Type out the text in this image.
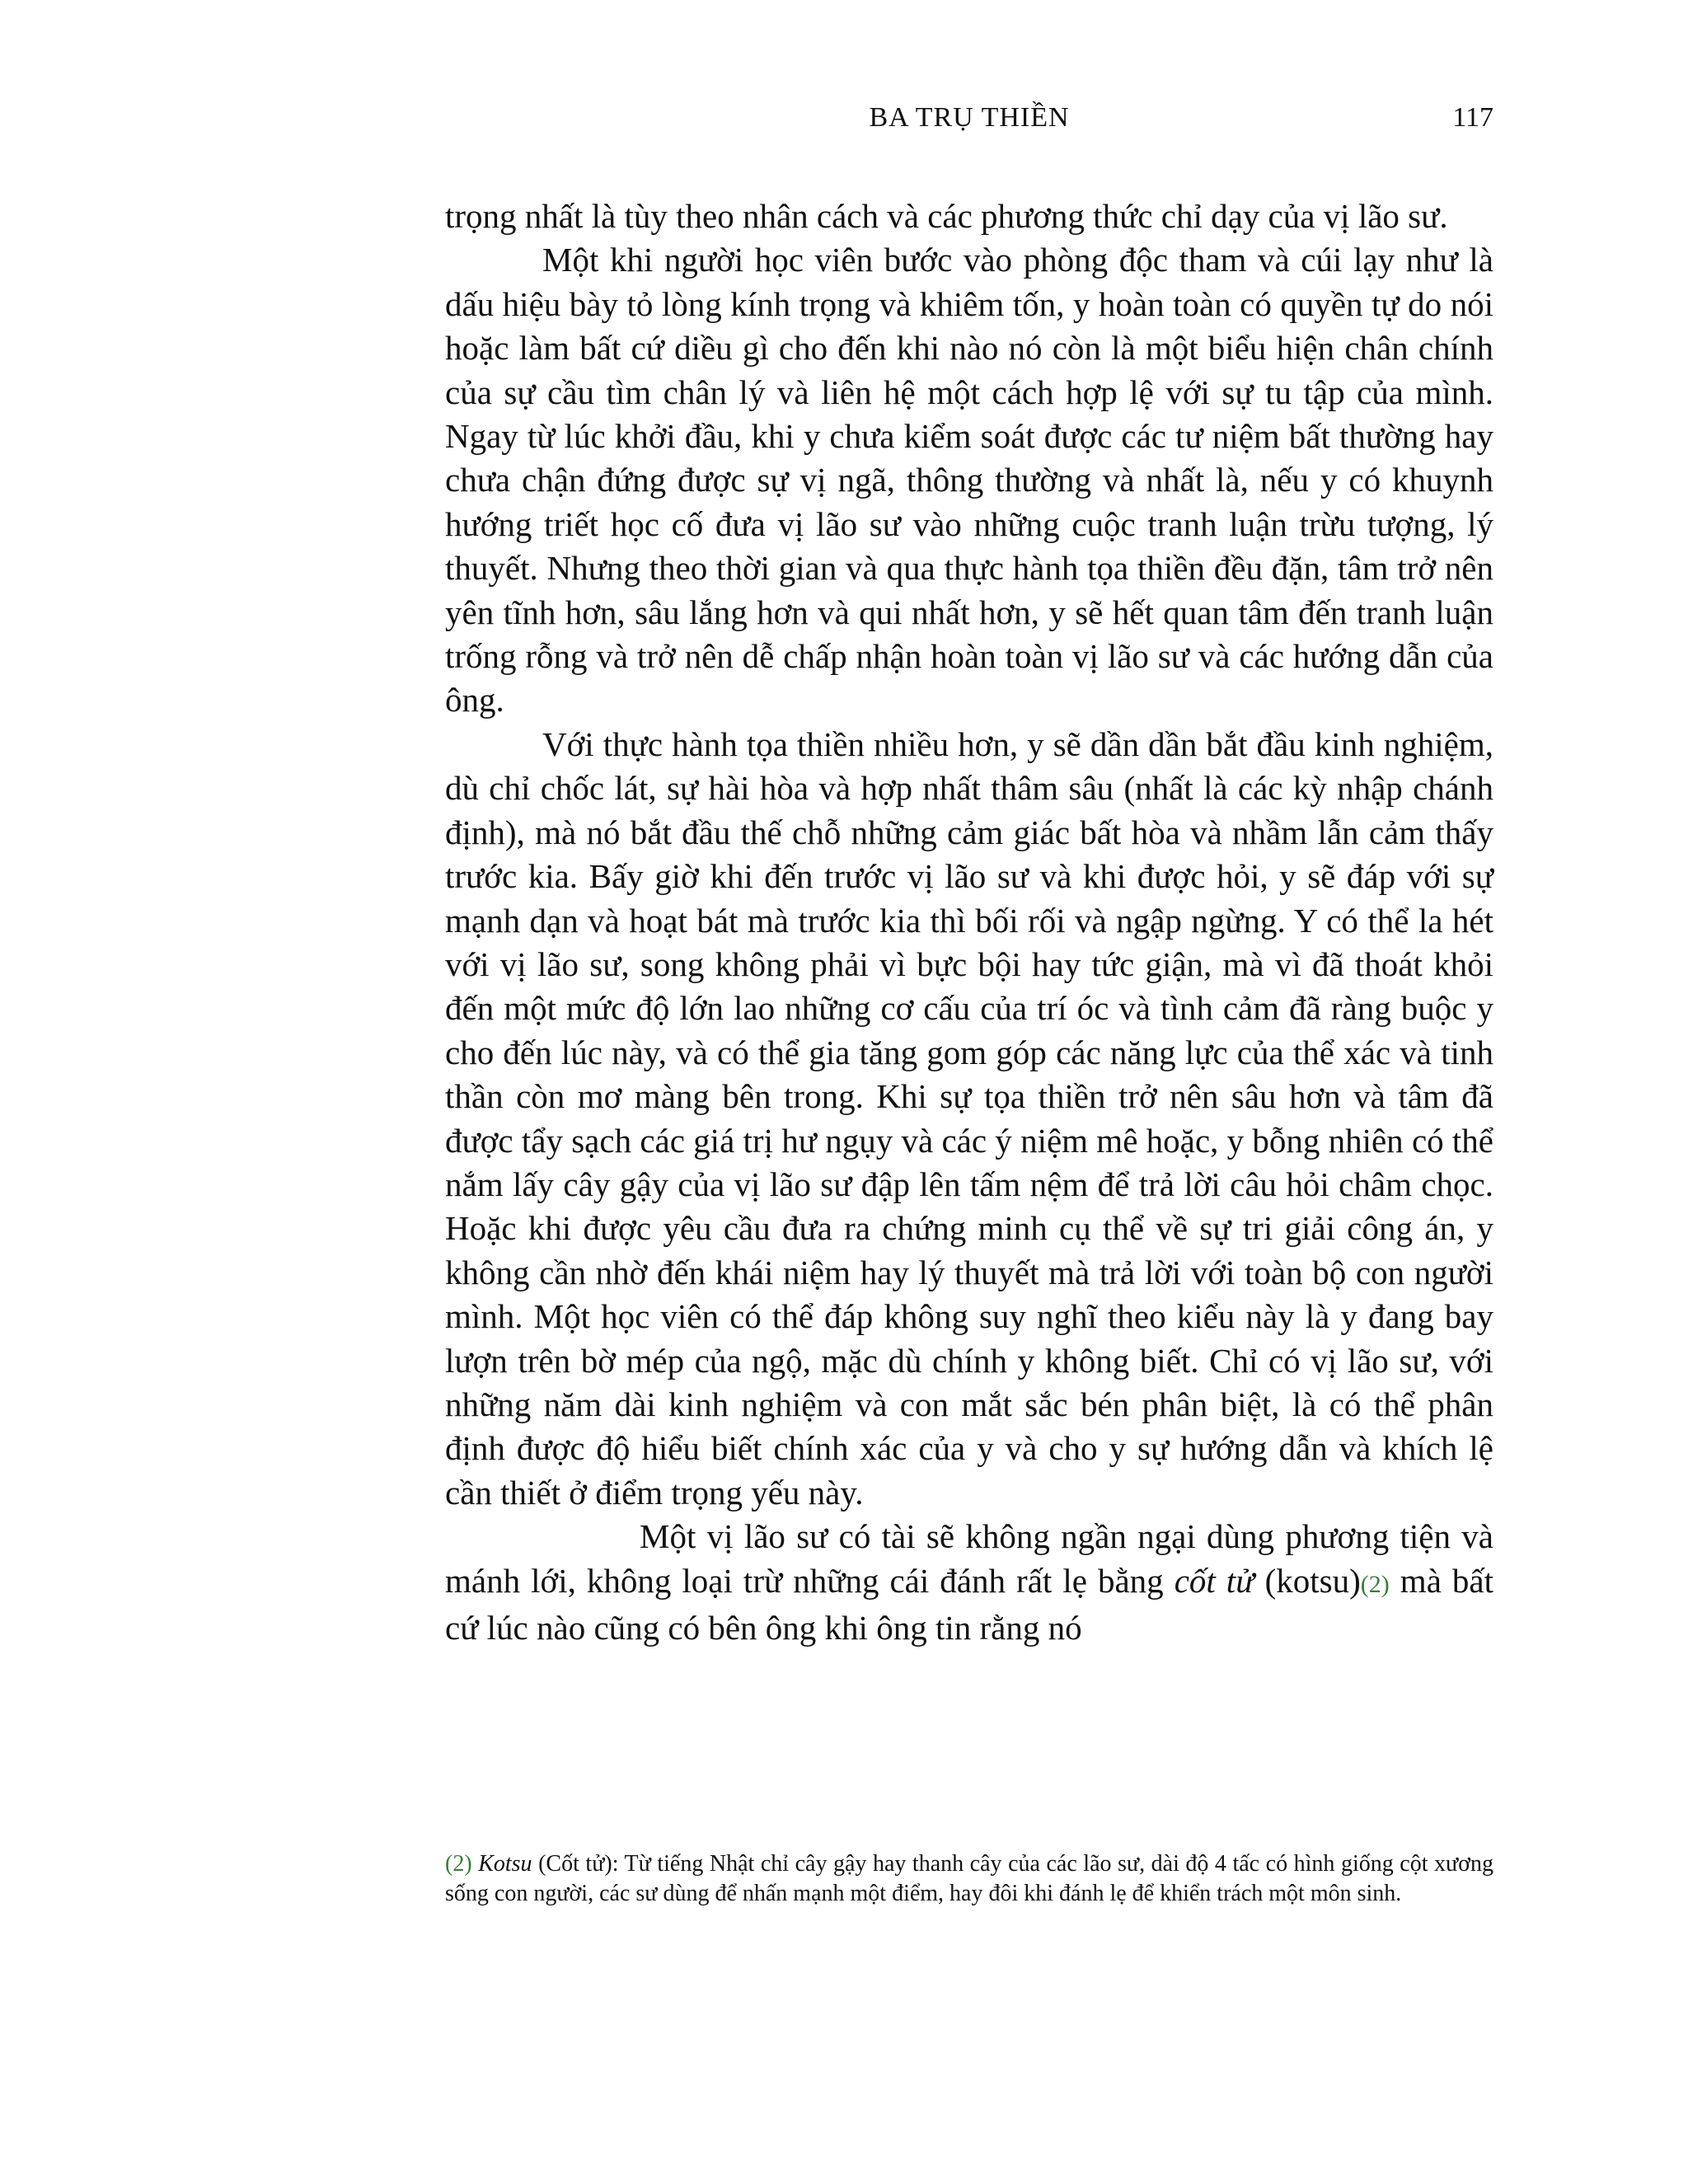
BA TRỤ THIỀN	117

trọng nhất là tùy theo nhân cách và các phương thức chỉ dạy của vị lão sư.

Một khi người học viên bước vào phòng độc tham và cúi lạy như là dấu hiệu bày tỏ lòng kính trọng và khiêm tốn, y hoàn toàn có quyền tự do nói hoặc làm bất cứ diều gì cho đến khi nào nó còn là một biểu hiện chân chính của sự cầu tìm chân lý và liên hệ một cách hợp lệ với sự tu tập của mình. Ngay từ lúc khởi đầu, khi y chưa kiểm soát được các tư niệm bất thường hay chưa chận đứng được sự vị ngã, thông thường và nhất là, nếu y có khuynh hướng triết học cố đưa vị lão sư vào những cuộc tranh luận trừu tượng, lý thuyết. Nhưng theo thời gian và qua thực hành tọa thiền đều đặn, tâm trở nên yên tĩnh hơn, sâu lắng hơn và qui nhất hơn, y sẽ hết quan tâm đến tranh luận trống rỗng và trở nên dễ chấp nhận hoàn toàn vị lão sư và các hướng dẫn của ông.

Với thực hành tọa thiền nhiều hơn, y sẽ dần dần bắt đầu kinh nghiệm, dù chỉ chốc lát, sự hài hòa và hợp nhất thâm sâu (nhất là các kỳ nhập chánh định), mà nó bắt đầu thế chỗ những cảm giác bất hòa và nhầm lẫn cảm thấy trước kia. Bấy giờ khi đến trước vị lão sư và khi được hỏi, y sẽ đáp với sự mạnh dạn và hoạt bát mà trước kia thì bối rối và ngập ngừng. Y có thể la hét với vị lão sư, song không phải vì bực bội hay tức giận, mà vì đã thoát khỏi đến một mức độ lớn lao những cơ cấu của trí óc và tình cảm đã ràng buộc y cho đến lúc này, và có thể gia tăng gom góp các năng lực của thể xác và tinh thần còn mơ màng bên trong. Khi sự tọa thiền trở nên sâu hơn và tâm đã được tẩy sạch các giá trị hư ngụy và các ý niệm mê hoặc, y bỗng nhiên có thể nắm lấy cây gậy của vị lão sư đập lên tấm nệm để trả lời câu hỏi châm chọc. Hoặc khi được yêu cầu đưa ra chứng minh cụ thể về sự tri giải công án, y không cần nhờ đến khái niệm hay lý thuyết mà trả lời với toàn bộ con người mình. Một học viên có thể đáp không suy nghĩ theo kiểu này là y đang bay lượn trên bờ mép của ngộ, mặc dù chính y không biết. Chỉ có vị lão sư, với những năm dài kinh nghiệm và con mắt sắc bén phân biệt, là có thể phân định được độ hiểu biết chính xác của y và cho y sự hướng dẫn và khích lệ cần thiết ở điểm trọng yếu này.

Một vị lão sư có tài sẽ không ngần ngại dùng phương tiện và mánh lới, không loại trừ những cái đánh rất lẹ bằng cốt tử (kotsu)(2) mà bất cứ lúc nào cũng có bên ông khi ông tin rằng nó

(2) Kotsu (Cốt tử): Từ tiếng Nhật chỉ cây gậy hay thanh cây của các lão sư, dài độ 4 tấc có hình giống cột xương sống con người, các sư dùng để nhấn mạnh một điểm, hay đôi khi đánh lẹ để khiển trách một môn sinh.
